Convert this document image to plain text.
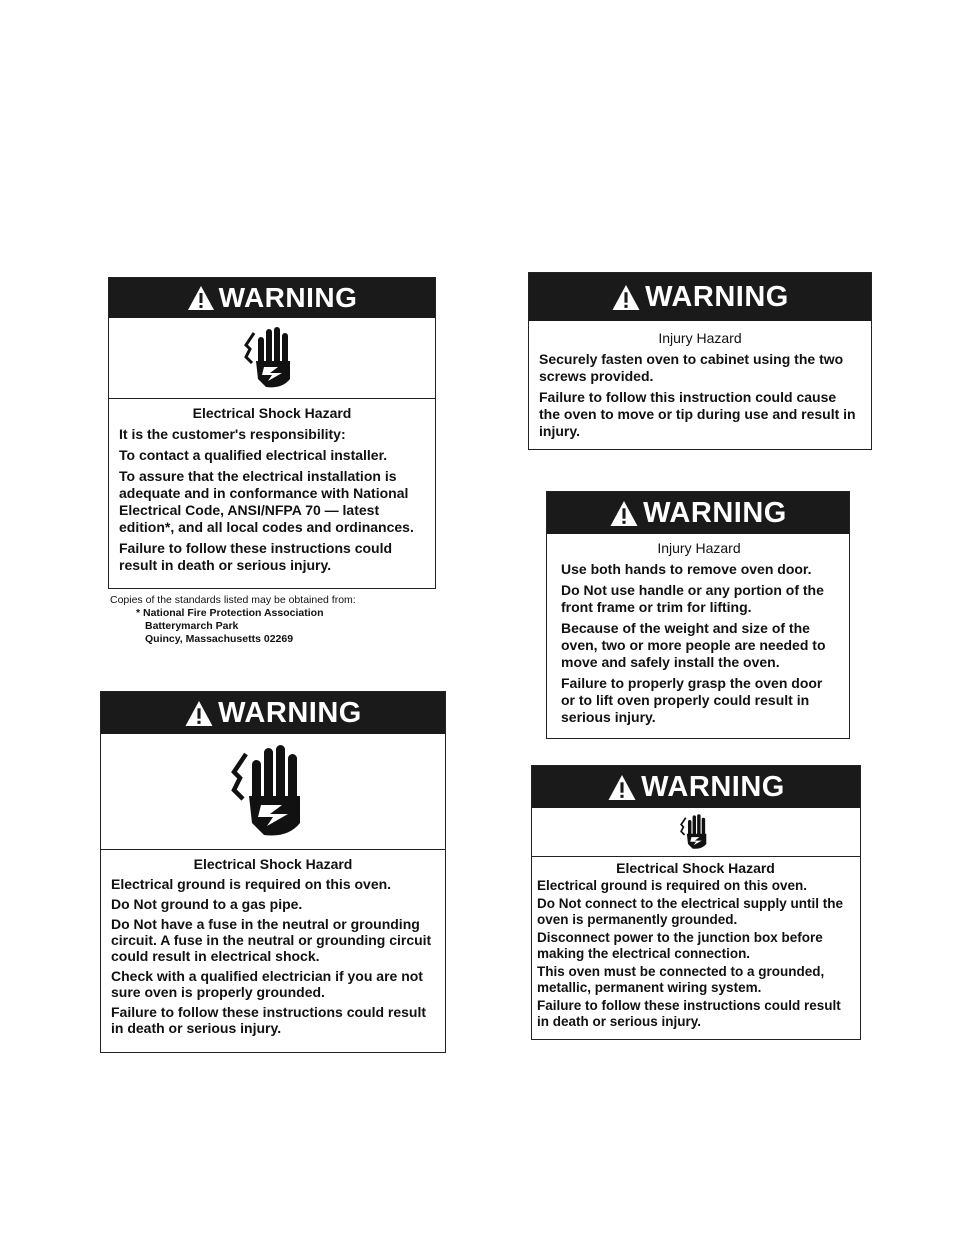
WARNING
Electrical Shock Hazard

It is the customer's responsibility:

To contact a qualified electrical installer.

To assure that the electrical installation is adequate and in conformance with National Electrical Code, ANSI/NFPA 70 — latest edition*, and all local codes and ordinances.

Failure to follow these instructions could result in death or serious injury.

Copies of the standards listed may be obtained from:
* National Fire Protection Association
Batterymarch Park
Quincy, Massachusetts 02269
WARNING
Electrical Shock Hazard

Electrical ground is required on this oven.

Do Not ground to a gas pipe.

Do Not have a fuse in the neutral or grounding circuit. A fuse in the neutral or grounding circuit could result in electrical shock.

Check with a qualified electrician if you are not sure oven is properly grounded.

Failure to follow these instructions could result in death or serious injury.

WARNING
Injury Hazard

Securely fasten oven to cabinet using the two screws provided.

Failure to follow this instruction could cause the oven to move or tip during use and result in injury.

WARNING
Injury Hazard

Use both hands to remove oven door.

Do Not use handle or any portion of the front frame or trim for lifting.

Because of the weight and size of the oven, two or more people are needed to move and safely install the oven.

Failure to properly grasp the oven door or to lift oven properly could result in serious injury.

WARNING
Electrical Shock Hazard

Electrical ground is required on this oven.

Do Not connect to the electrical supply until the oven is permanently grounded.

Disconnect power to the junction box before making the electrical connection.

This oven must be connected to a grounded, metallic, permanent wiring system.

Failure to follow these instructions could result in death or serious injury.
